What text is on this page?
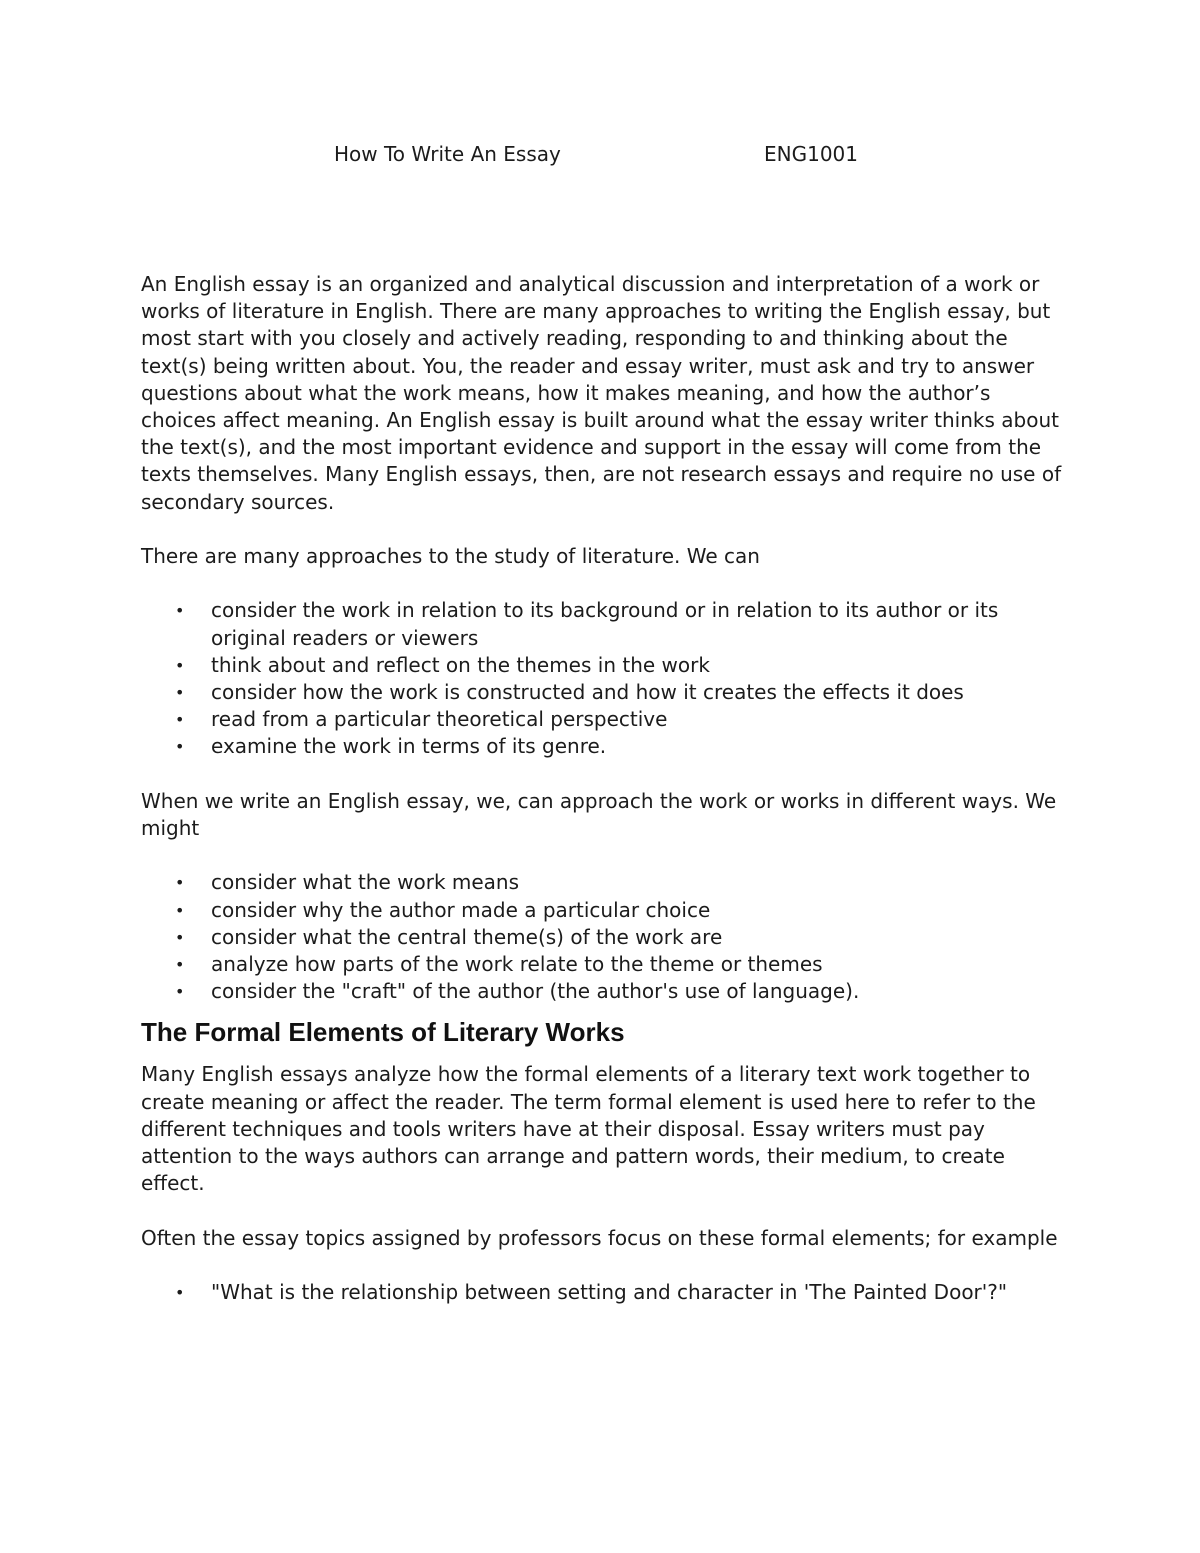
How To Write An Essay	ENG1001

An English essay is an organized and analytical discussion and interpretation of a work or works of literature in English. There are many approaches to writing the English essay, but most start with you closely and actively reading, responding to and thinking about the text(s) being written about. You, the reader and essay writer, must ask and try to answer questions about what the work means, how it makes meaning, and how the author’s choices affect meaning. An English essay is built around what the essay writer thinks about the text(s), and the most important evidence and support in the essay will come from the texts themselves. Many English essays, then, are not research essays and require no use of secondary sources.

There are many approaches to the study of literature. We can

• consider the work in relation to its background or in relation to its author or its original readers or viewers
• think about and reflect on the themes in the work
• consider how the work is constructed and how it creates the effects it does
• read from a particular theoretical perspective
• examine the work in terms of its genre.

When we write an English essay, we, can approach the work or works in different ways. We might

• consider what the work means
• consider why the author made a particular choice
• consider what the central theme(s) of the work are
• analyze how parts of the work relate to the theme or themes
• consider the "craft" of the author (the author's use of language).
The Formal Elements of Literary Works

Many English essays analyze how the formal elements of a literary text work together to create meaning or affect the reader. The term formal element is used here to refer to the different techniques and tools writers have at their disposal. Essay writers must pay attention to the ways authors can arrange and pattern words, their medium, to create effect.

Often the essay topics assigned by professors focus on these formal elements; for example

• "What is the relationship between setting and character in 'The Painted Door'?"
